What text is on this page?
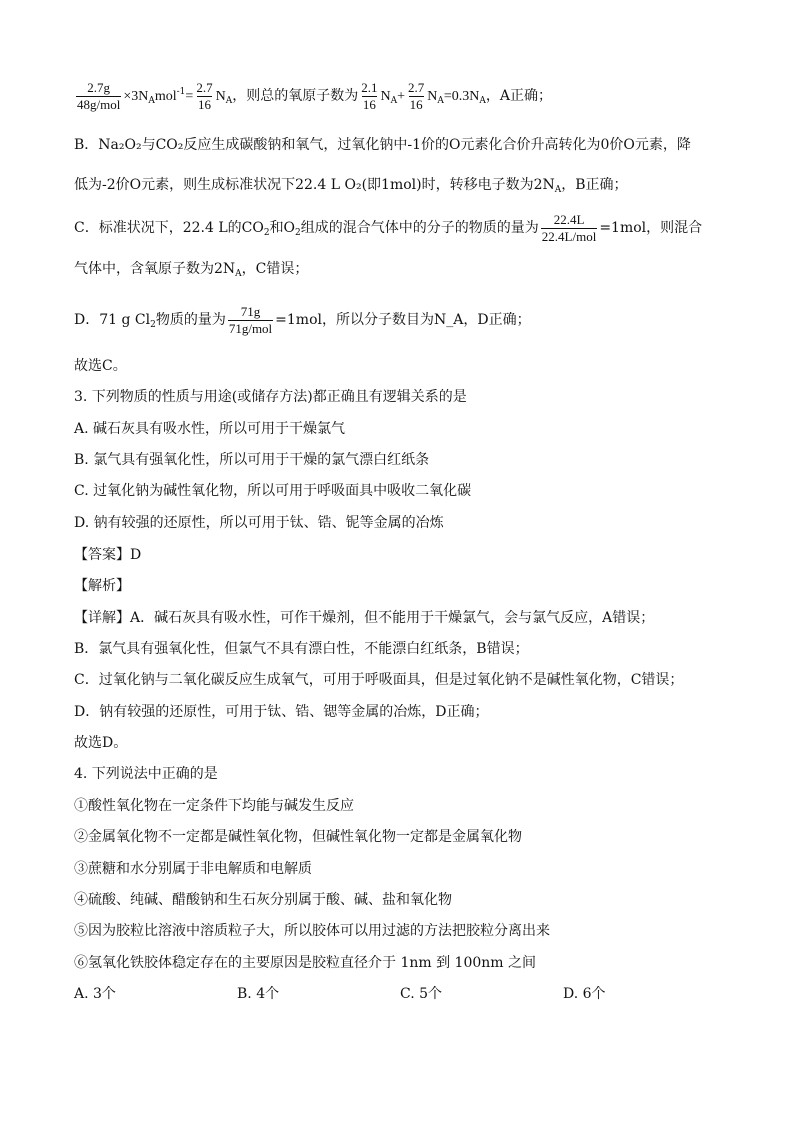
$\frac{2.7g}{\text{48g/mol}} \times 3N_Amol^{-1}= \frac{2.7}{16} N_A$，则总的氧原子数为 $\frac{2.1}{16} N_A+ \frac{2.7}{16} N_A=0.3N_A$，A正确；
B．Na₂O₂与CO₂反应生成碳酸钠和氧气，过氧化钠中-1价的O元素化合价升高转化为0价O元素，降
低为-2价O元素，则生成标准状况下22.4 L O₂(即1mol)时，转移电子数为$2N_A$，B正确；
C．标准状况下，22.4 L的$CO_2$和$O_2$组成的混合气体中的分子的物质的量为 $\frac{22.4L}{\text{22.4L/mol}} =1mol$，则混合
气体中，含氧原子数为$2N_A$，C错误；
D．71 g $Cl_2$物质的量为 $\frac{71g}{\text{71g/mol}} =1mol$，所以分子数目为N_A，D正确；
故选C。
3. 下列物质的性质与用途(或储存方法)都正确且有逻辑关系的是
A. 碱石灰具有吸水性，所以可用于干燥氯气
B. 氯气具有强氧化性，所以可用于干燥的氯气漂白红纸条
C. 过氧化钠为碱性氧化物，所以可用于呼吸面具中吸收二氧化碳
D. 钠有较强的还原性，所以可用于钛、锆、铌等金属的冶炼
【答案】D
【解析】
【详解】A．碱石灰具有吸水性，可作干燥剂，但不能用于干燥氯气，会与氯气反应，A错误；
B．氯气具有强氧化性，但氯气不具有漂白性，不能漂白红纸条，B错误；
C．过氧化钠与二氧化碳反应生成氧气，可用于呼吸面具，但是过氧化钠不是碱性氧化物，C错误；
D．钠有较强的还原性，可用于钛、锆、锶等金属的冶炼，D正确；
故选D。
4. 下列说法中正确的是
①酸性氧化物在一定条件下均能与碱发生反应
②金属氧化物不一定都是碱性氧化物，但碱性氧化物一定都是金属氧化物
③蔗糖和水分别属于非电解质和电解质
④硫酸、纯碱、醋酸钠和生石灰分别属于酸、碱、盐和氧化物
⑤因为胶粒比溶液中溶质粒子大，所以胶体可以用过滤的方法把胶粒分离出来
⑥氢氧化铁胶体稳定存在的主要原因是胶粒直径介于 1nm 到 100nm 之间
A. 3个	B. 4个	C. 5个	D. 6个
